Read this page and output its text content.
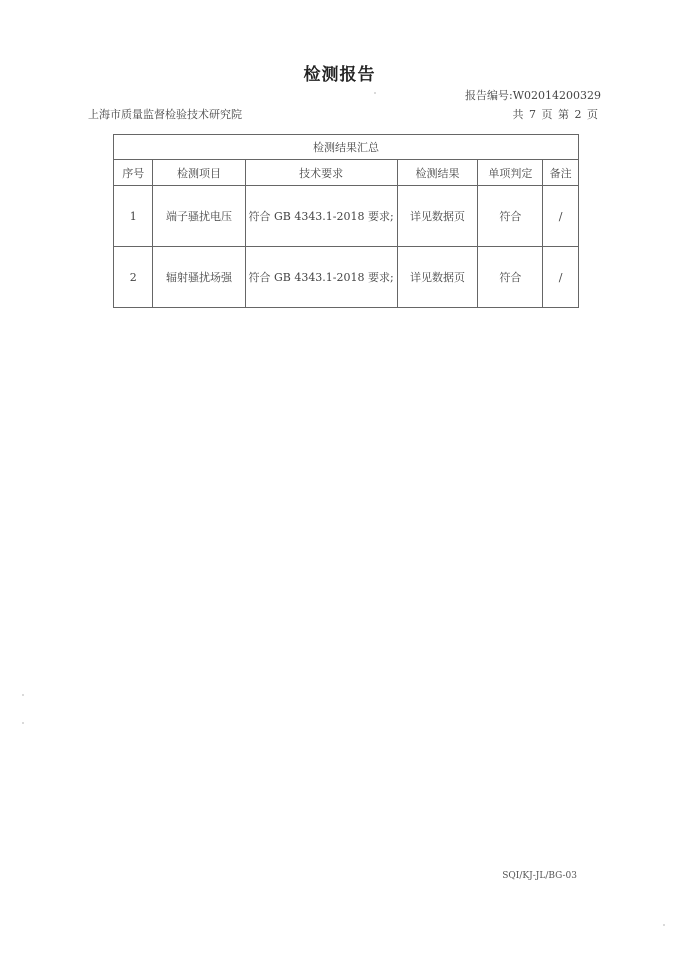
检测报告
报告编号:W02014200329
上海市质量监督检验技术研究院	共 7 页 第 2 页
检测结果汇总					
序号	检测项目	技术要求	检测结果	单项判定	备注
1	端子骚扰电压	符合 GB 4343.1-2018 要求;	详见数据页	符合	/
2	辐射骚扰场强	符合 GB 4343.1-2018 要求;	详见数据页	符合	/
SQI/KJ-JL/BG-03
